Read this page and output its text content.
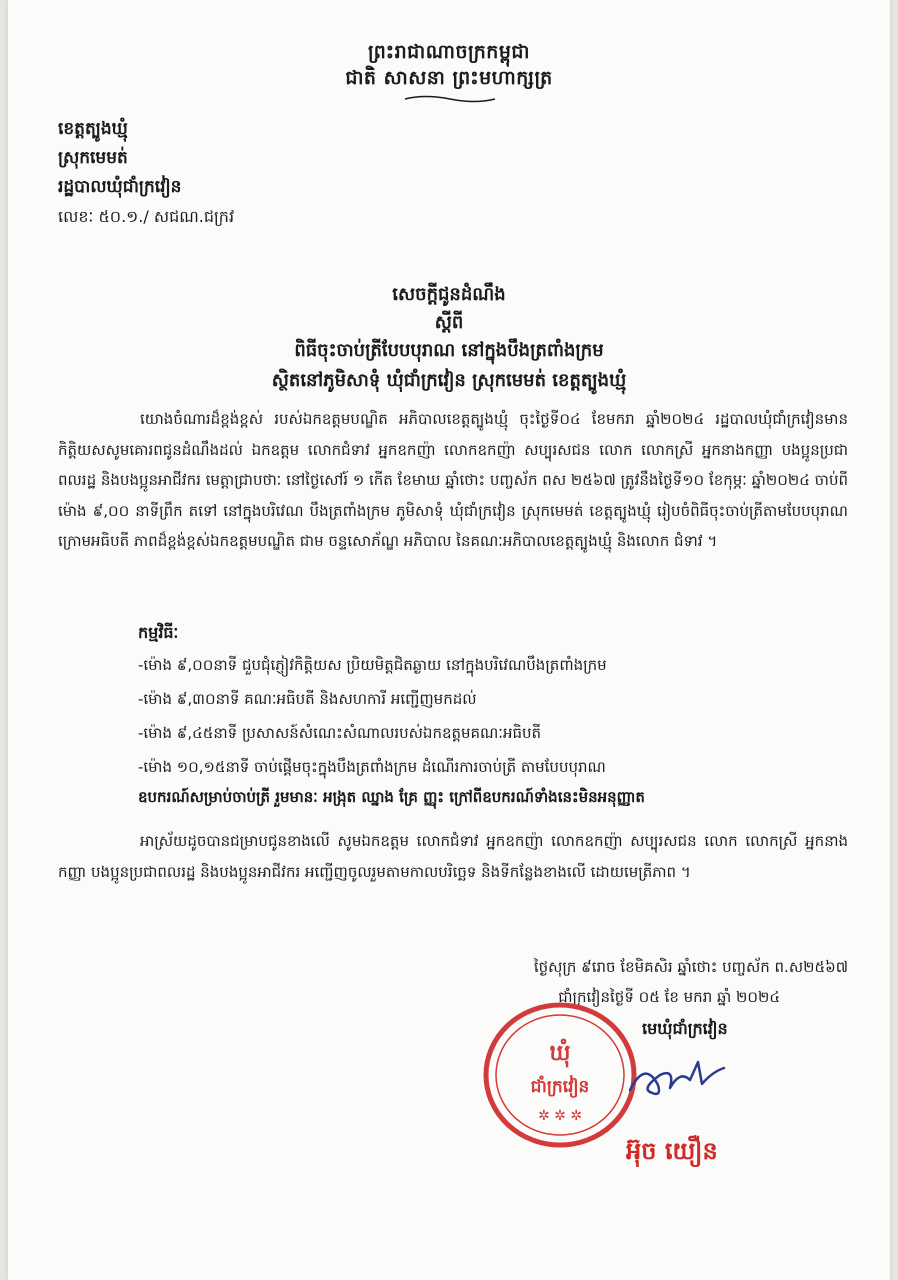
ព្រះរាជាណាចក្រកម្ពុជា
ជាតិ សាសនា ព្រះមហាក្សត្រ
ខេត្តត្បូងឃ្មុំ
ស្រុកមេមត់
រដ្ឋបាលឃុំជាំក្រវៀន
លេខៈ ៥០.១./ សជណ.ជក្រវ
សេចក្តីជូនដំណឹង
ស្តីពី
ពិធីចុះចាប់ត្រីបែបបុរាណ នៅក្នុងបឹងត្រពាំងក្រម
ស្ថិតនៅភូមិសាទុំ ឃុំជាំក្រវៀន ស្រុកមេមត់ ខេត្តត្បូងឃ្មុំ
យោងចំណារដ៏ខ្ពង់ខ្ពស់ របស់ឯកឧត្តមបណ្ឌិត អភិបាលខេត្តត្បូងឃ្មុំ ចុះថ្ងៃទី០៤ ខែមករា ឆ្នាំ២០២៤ រដ្ឋបាលឃុំជាំក្រវៀនមានកិត្តិយសសូមគោរពជូនដំណឹងដល់ ឯកឧត្តម លោកជំទាវ អ្នកឧកញ៉ា លោកឧកញ៉ា សប្បុរសជន លោក លោកស្រី អ្នកនាងកញ្ញា បងប្អូនប្រជាពលរដ្ឋ និងបងប្អូនអាជីវករ មេត្តាជ្រាបថាៈ នៅថ្ងៃសៅរ៍ ១ កើត ខែមាឃ ឆ្នាំថោះ បញ្ចស័ក ពស ២៥៦៧ ត្រូវនឹងថ្ងៃទី១០ ខែកុម្ភៈ ឆ្នាំ២០២៤ ចាប់ពីម៉ោង ៩,០០ នាទីព្រឹក តទៅ នៅក្នុងបរិវេណ បឹងត្រពាំងក្រម ភូមិសាទុំ ឃុំជាំក្រវៀន ស្រុកមេមត់ ខេត្តត្បូងឃ្មុំ រៀបចំពិធីចុះចាប់ត្រីតាមបែបបុរាណ ក្រោមអធិបតី ភាពដ៏ខ្ពង់ខ្ពស់ឯកឧត្តមបណ្ឌិត ជាម ចន្ទសោភ័ណ្ឌ អភិបាល នៃគណៈអភិបាលខេត្តត្បូងឃ្មុំ និងលោក ជំទាវ ។
កម្មវិធីៈ
-ម៉ោង ៩,០០នាទី ជួបជុំភ្ញៀវកិត្តិយស ប្រិយមិត្តជិតឆ្ងាយ នៅក្នុងបរិវេណបឹងត្រពាំងក្រម
-ម៉ោង ៩,៣០នាទី គណៈអធិបតី និងសហការី អញ្ជើញមកដល់
-ម៉ោង ៩,៤៥នាទី ប្រសាសន៍សំណេះសំណាលរបស់ឯកឧត្តមគណៈអធិបតី
-ម៉ោង ១០,១៥នាទី ចាប់ផ្តើមចុះក្នុងបឹងត្រពាំងក្រម ដំណើរការចាប់ត្រី តាមបែបបុរាណ
ឧបករណ៍សម្រាប់ចាប់ត្រី រួមមានៈ អង្រុត ឈ្នាង គ្រែ ញ្ញុះ ក្រៅពីឧបករណ៍ទាំងនេះមិនអនុញ្ញាត
អាស្រ័យដូចបានជម្រាបជូនខាងលើ សូមឯកឧត្តម លោកជំទាវ អ្នកឧកញ៉ា លោកឧកញ៉ា សប្បុរសជន លោក លោកស្រី អ្នកនាងកញ្ញា បងប្អូនប្រជាពលរដ្ឋ និងបងប្អូនអាជីវករ អញ្ជើញចូលរួមតាមកាលបរិច្ឆេទ និងទីកន្លែងខាងលើ ដោយមេត្រីភាព ។
ថ្ងៃសុក្រ ៩រោច ខែមិគសិរ ឆ្នាំថោះ បញ្ចស័ក ព.ស២៥៦៧
ជាំក្រវៀនថ្ងៃទី ០៥ ខែ មករា ឆ្នាំ ២០២៤
មេឃុំជាំក្រវៀន
ឃុំ
ជាំក្រវៀន
✲ ✲ ✲
អ៊ុច យឿន
